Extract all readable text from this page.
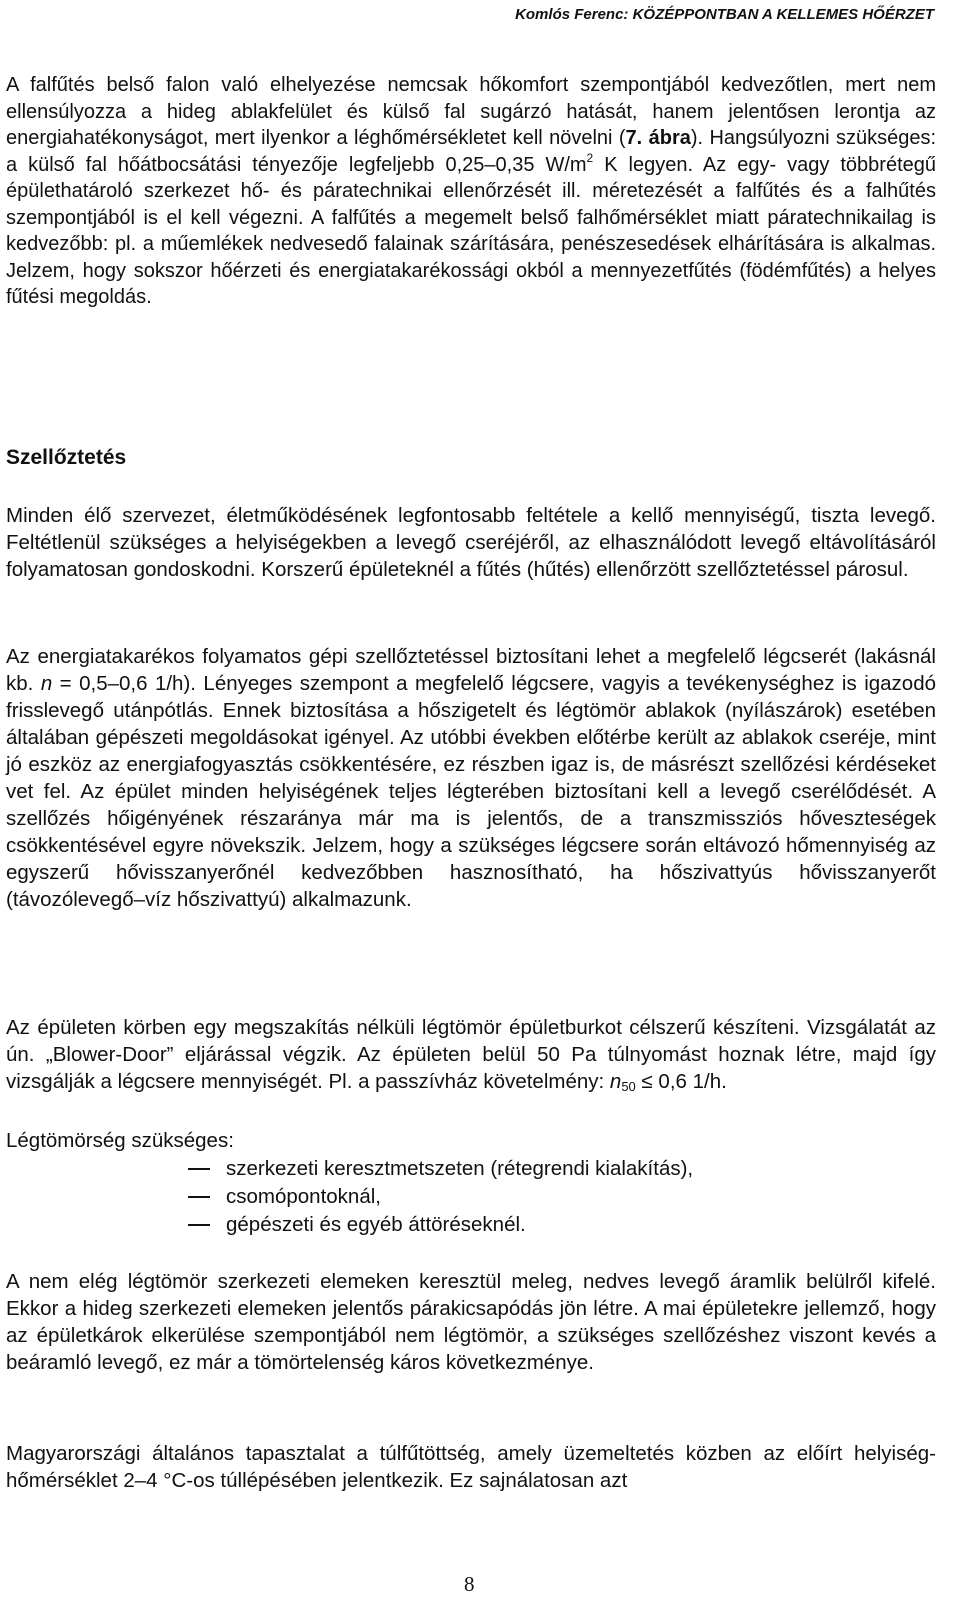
Komlós Ferenc: KÖZÉPPONTBAN A KELLEMES HŐÉRZET

A falfűtés belső falon való elhelyezése nemcsak hőkomfort szempontjából kedvezőtlen, mert nem ellensúlyozza a hideg ablakfelület és külső fal sugárzó hatását, hanem jelentősen lerontja az energiahatékonyságot, mert ilyenkor a léghőmérsékletet kell növelni (7. ábra). Hangsúlyozni szükséges: a külső fal hőátbocsátási tényezője legfeljebb 0,25–0,35 $W/m^2$ K legyen. Az egy- vagy többrétegű épülethatároló szerkezet hő- és páratechnikai ellenőrzését ill. méretezését a falfűtés és a falhűtés szempontjából is el kell végezni. A falfűtés a megemelt belső falhőmérséklet miatt páratechnikailag is kedvezőbb: pl. a műemlékek nedvesedő falainak szárítására, penészesedések elhárítására is alkalmas. Jelzem, hogy sokszor hőérzeti és energiatakarékossági okból a mennyezetfűtés (födémfűtés) a helyes fűtési megoldás.

Szellőztetés

Minden élő szervezet, életműködésének legfontosabb feltétele a kellő mennyiségű, tiszta levegő. Feltétlenül szükséges a helyiségekben a levegő cseréjéről, az elhasználódott levegő eltávolításáról folyamatosan gondoskodni. Korszerű épületeknél a fűtés (hűtés) ellenőrzött szellőztetéssel párosul.

Az energiatakarékos folyamatos gépi szellőztetéssel biztosítani lehet a megfelelő légcserét (lakásnál kb. n = 0,5–0,6 1/h). Lényeges szempont a megfelelő légcsere, vagyis a tevékenységhez is igazodó frisslevegő utánpótlás. Ennek biztosítása a hőszigetelt és légtömör ablakok (nyílászárok) esetében általában gépészeti megoldásokat igényel. Az utóbbi években előtérbe került az ablakok cseréje, mint jó eszköz az energiafogyasztás csökkentésére, ez részben igaz is, de másrészt szellőzési kérdéseket vet fel. Az épület minden helyiségének teljes légterében biztosítani kell a levegő cserélődését. A szellőzés hőigényének részaránya már ma is jelentős, de a transzmissziós hőveszteségek csökkentésével egyre növekszik. Jelzem, hogy a szükséges légcsere során eltávozó hőmennyiség az egyszerű hővisszanyerőnél kedvezőbben hasznosítható, ha hőszivattyús hővisszanyerőt (távozólevegő–víz hőszivattyú) alkalmazunk.

Az épületen körben egy megszakítás nélküli légtömör épületburkot célszerű készíteni. Vizsgálatát az ún. „Blower-Door” eljárással végzik. Az épületen belül 50 Pa túlnyomást hoznak létre, majd így vizsgálják a légcsere mennyiségét. Pl. a passzívház követelmény: $n_{50} \le 0,6$ 1/h.

Légtömörség szükséges:

szerkezeti keresztmetszeten (rétegrendi kialakítás),
csomópontoknál,
gépészeti és egyéb áttöréseknél.

A nem elég légtömör szerkezeti elemeken keresztül meleg, nedves levegő áramlik belülről kifelé. Ekkor a hideg szerkezeti elemeken jelentős párakicsapódás jön létre. A mai épületekre jellemző, hogy az épületkárok elkerülése szempontjából nem légtömör, a szükséges szellőzéshez viszont kevés a beáramló levegő, ez már a tömörtelenség káros következménye.

Magyarországi általános tapasztalat a túlfűtöttség, amely üzemeltetés közben az előírt helyiség-hőmérséklet 2–4 °C-os túllépésében jelentkezik. Ez sajnálatosan azt

8
